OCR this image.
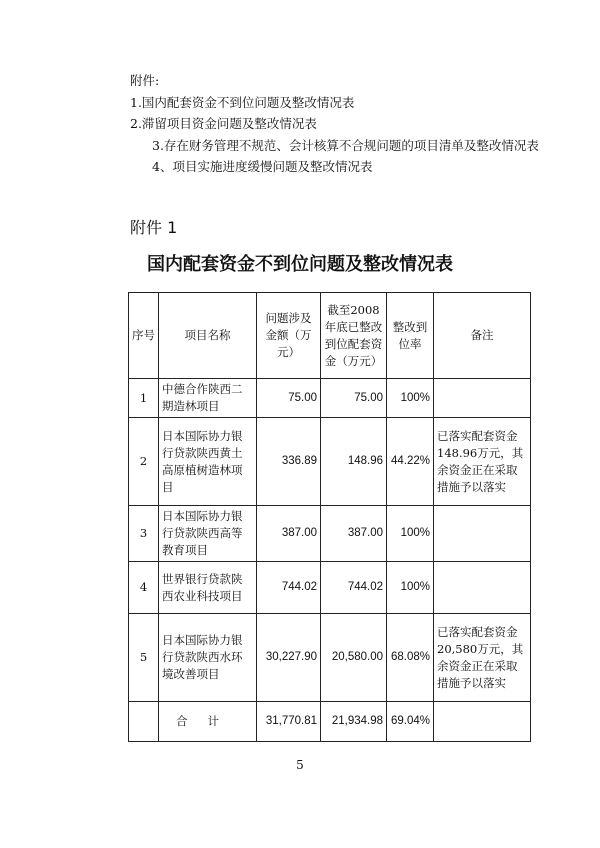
附件:
1.国内配套资金不到位问题及整改情况表
2.滞留项目资金问题及整改情况表
3.存在财务管理不规范、会计核算不合规问题的项目清单及整改情况表
4、项目实施进度缓慢问题及整改情况表
附件 1
国内配套资金不到位问题及整改情况表
序号	项目名称	问题涉及金额（万元）	截至2008年底已整改到位配套资金（万元）	整改到位率	备注
1	中德合作陕西二期造林项目	75.00	75.00	100%	
2	日本国际协力银行贷款陕西黄土高原植树造林项目	336.89	148.96	44.22%	已落实配套资金148.96万元，其余资金正在采取措施予以落实
3	日本国际协力银行贷款陕西高等教育项目	387.00	387.00	100%	
4	世界银行贷款陕西农业科技项目	744.02	744.02	100%	
5	日本国际协力银行贷款陕西水环境改善项目	30,227.90	20,580.00	68.08%	已落实配套资金20,580万元，其余资金正在采取措施予以落实
	合计	31,770.81	21,934.98	69.04%	
5
